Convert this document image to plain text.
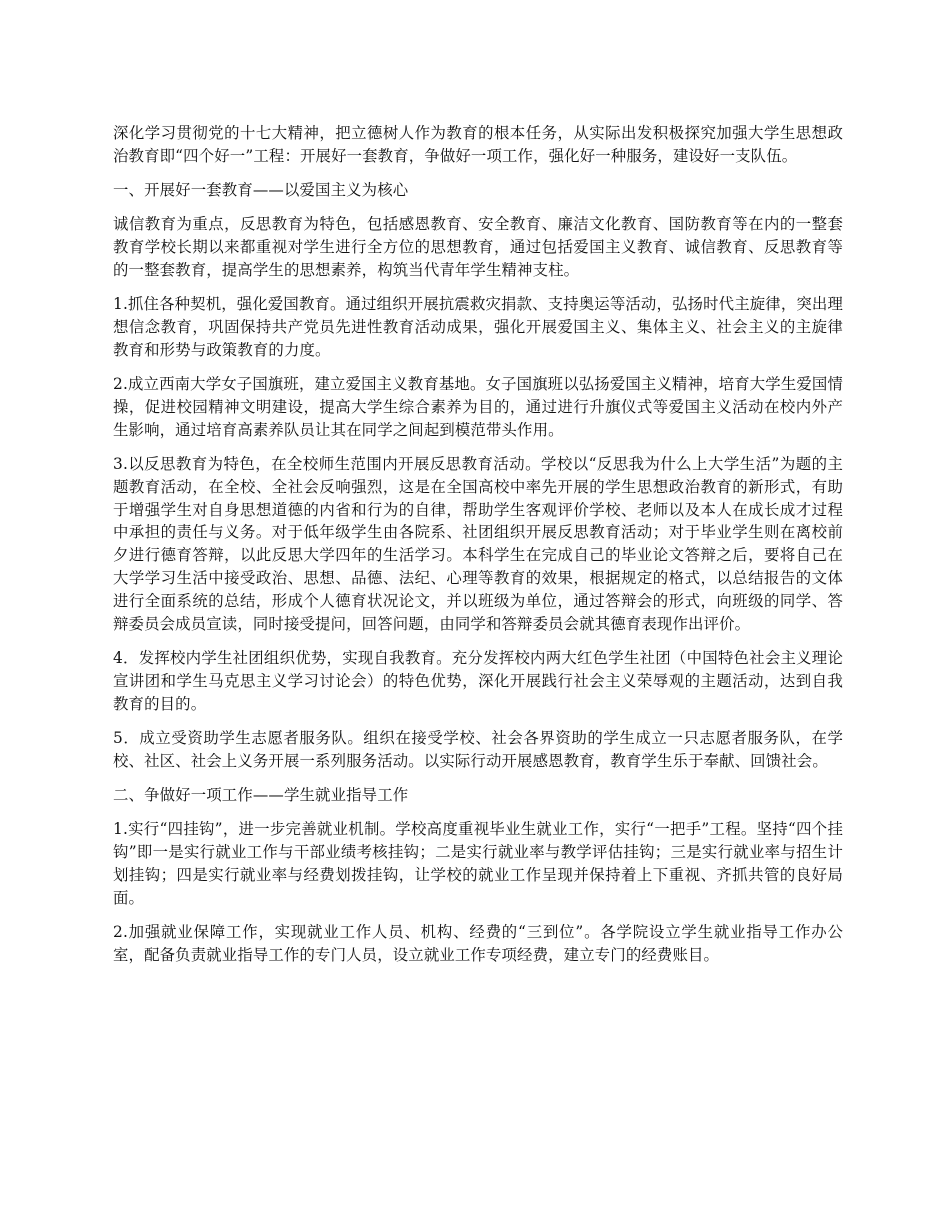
深化学习贯彻党的十七大精神，把立德树人作为教育的根本任务，从实际出发积极探究加强大学生思想政治教育即“四个好一”工程：开展好一套教育，争做好一项工作，强化好一种服务，建设好一支队伍。

一、开展好一套教育——以爱国主义为核心

诚信教育为重点，反思教育为特色，包括感恩教育、安全教育、廉洁文化教育、国防教育等在内的一整套教育学校长期以来都重视对学生进行全方位的思想教育，通过包括爱国主义教育、诚信教育、反思教育等的一整套教育，提高学生的思想素养，构筑当代青年学生精神支柱。

1.抓住各种契机，强化爱国教育。通过组织开展抗震救灾捐款、支持奥运等活动，弘扬时代主旋律，突出理想信念教育，巩固保持共产党员先进性教育活动成果，强化开展爱国主义、集体主义、社会主义的主旋律教育和形势与政策教育的力度。

2.成立西南大学女子国旗班，建立爱国主义教育基地。女子国旗班以弘扬爱国主义精神，培育大学生爱国情操，促进校园精神文明建设，提高大学生综合素养为目的，通过进行升旗仪式等爱国主义活动在校内外产生影响，通过培育高素养队员让其在同学之间起到模范带头作用。

3.以反思教育为特色，在全校师生范围内开展反思教育活动。学校以“反思我为什么上大学生活”为题的主题教育活动，在全校、全社会反响强烈，这是在全国高校中率先开展的学生思想政治教育的新形式，有助于增强学生对自身思想道德的内省和行为的自律，帮助学生客观评价学校、老师以及本人在成长成才过程中承担的责任与义务。对于低年级学生由各院系、社团组织开展反思教育活动；对于毕业学生则在离校前夕进行德育答辩，以此反思大学四年的生活学习。本科学生在完成自己的毕业论文答辩之后，要将自己在大学学习生活中接受政治、思想、品德、法纪、心理等教育的效果，根据规定的格式，以总结报告的文体进行全面系统的总结，形成个人德育状况论文，并以班级为单位，通过答辩会的形式，向班级的同学、答辩委员会成员宣读，同时接受提问，回答问题，由同学和答辩委员会就其德育表现作出评价。

4．发挥校内学生社团组织优势，实现自我教育。充分发挥校内两大红色学生社团（中国特色社会主义理论宣讲团和学生马克思主义学习讨论会）的特色优势，深化开展践行社会主义荣辱观的主题活动，达到自我教育的目的。

5．成立受资助学生志愿者服务队。组织在接受学校、社会各界资助的学生成立一只志愿者服务队，在学校、社区、社会上义务开展一系列服务活动。以实际行动开展感恩教育，教育学生乐于奉献、回馈社会。

二、争做好一项工作——学生就业指导工作

1.实行“四挂钩”，进一步完善就业机制。学校高度重视毕业生就业工作，实行“一把手”工程。坚持“四个挂钩”即一是实行就业工作与干部业绩考核挂钩；二是实行就业率与教学评估挂钩；三是实行就业率与招生计划挂钩；四是实行就业率与经费划拨挂钩，让学校的就业工作呈现并保持着上下重视、齐抓共管的良好局面。

2.加强就业保障工作，实现就业工作人员、机构、经费的“三到位”。各学院设立学生就业指导工作办公室，配备负责就业指导工作的专门人员，设立就业工作专项经费，建立专门的经费账目。
